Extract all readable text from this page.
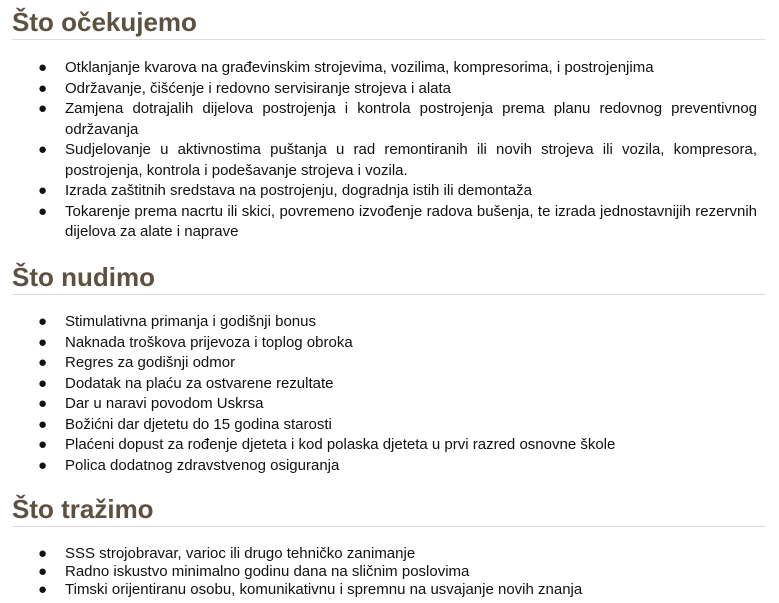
Što očekujemo
● Otklanjanje kvarova na građevinskim strojevima, vozilima, kompresorima, i postrojenjima
● Održavanje, čišćenje i redovno servisiranje strojeva i alata
● Zamjena dotrajalih dijelova postrojenja i kontrola postrojenja prema planu redovnog preventivnog održavanja
● Sudjelovanje u aktivnostima puštanja u rad remontiranih ili novih strojeva ili vozila, kompresora, postrojenja, kontrola i podešavanje strojeva i vozila.
● Izrada zaštitnih sredstava na postrojenju, dogradnja istih ili demontaža
● Tokarenje prema nacrtu ili skici, povremeno izvođenje radova bušenja, te izrada jednostavnijih rezervnih dijelova za alate i naprave
Što nudimo
● Stimulativna primanja i godišnji bonus
● Naknada troškova prijevoza i toplog obroka
● Regres za godišnji odmor
● Dodatak na plaću za ostvarene rezultate
● Dar u naravi povodom Uskrsa
● Božićni dar djetetu do 15 godina starosti
● Plaćeni dopust za rođenje djeteta i kod polaska djeteta u prvi razred osnovne škole
● Polica dodatnog zdravstvenog osiguranja
Što tražimo
● SSS strojobravar, varioc ili drugo tehničko zanimanje
● Radno iskustvo minimalno godinu dana na sličnim poslovima
● Timski orijentiranu osobu, komunikativnu i spremnu na usvajanje novih znanja
